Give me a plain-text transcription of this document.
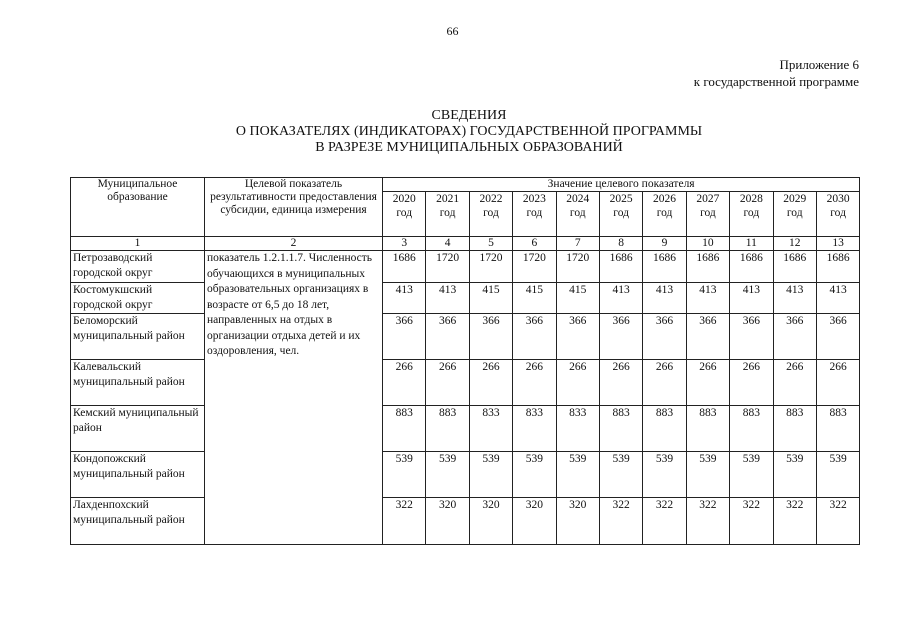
66
Приложение 6
к государственной программе
СВЕДЕНИЯ
О ПОКАЗАТЕЛЯХ (ИНДИКАТОРАХ) ГОСУДАРСТВЕННОЙ ПРОГРАММЫ
В РАЗРЕЗЕ МУНИЦИПАЛЬНЫХ ОБРАЗОВАНИЙ
Муниципальное образование	Целевой показатель результативности предоставления субсидии, единица измерения	Значение целевого показателя										
		2020 год	2021 год	2022 год	2023 год	2024 год	2025 год	2026 год	2027 год	2028 год	2029 год	2030 год
1	2	3	4	5	6	7	8	9	10	11	12	13
Петрозаводский городской округ	показатель 1.2.1.1.7. Численность обучающихся в муниципальных образовательных организациях в возрасте от 6,5 до 18 лет, направленных на отдых в организации отдыха детей и их оздоровления, чел.	1686	1720	1720	1720	1720	1686	1686	1686	1686	1686	1686
Костомукшский городской округ		413	413	415	415	415	413	413	413	413	413	413
Беломорский муниципальный район		366	366	366	366	366	366	366	366	366	366	366
Калевальский муниципальный район		266	266	266	266	266	266	266	266	266	266	266
Кемский муниципальный район		883	883	833	833	833	883	883	883	883	883	883
Кондопожский муниципальный район		539	539	539	539	539	539	539	539	539	539	539
Лахденпохский муниципальный район		322	320	320	320	320	322	322	322	322	322	322
